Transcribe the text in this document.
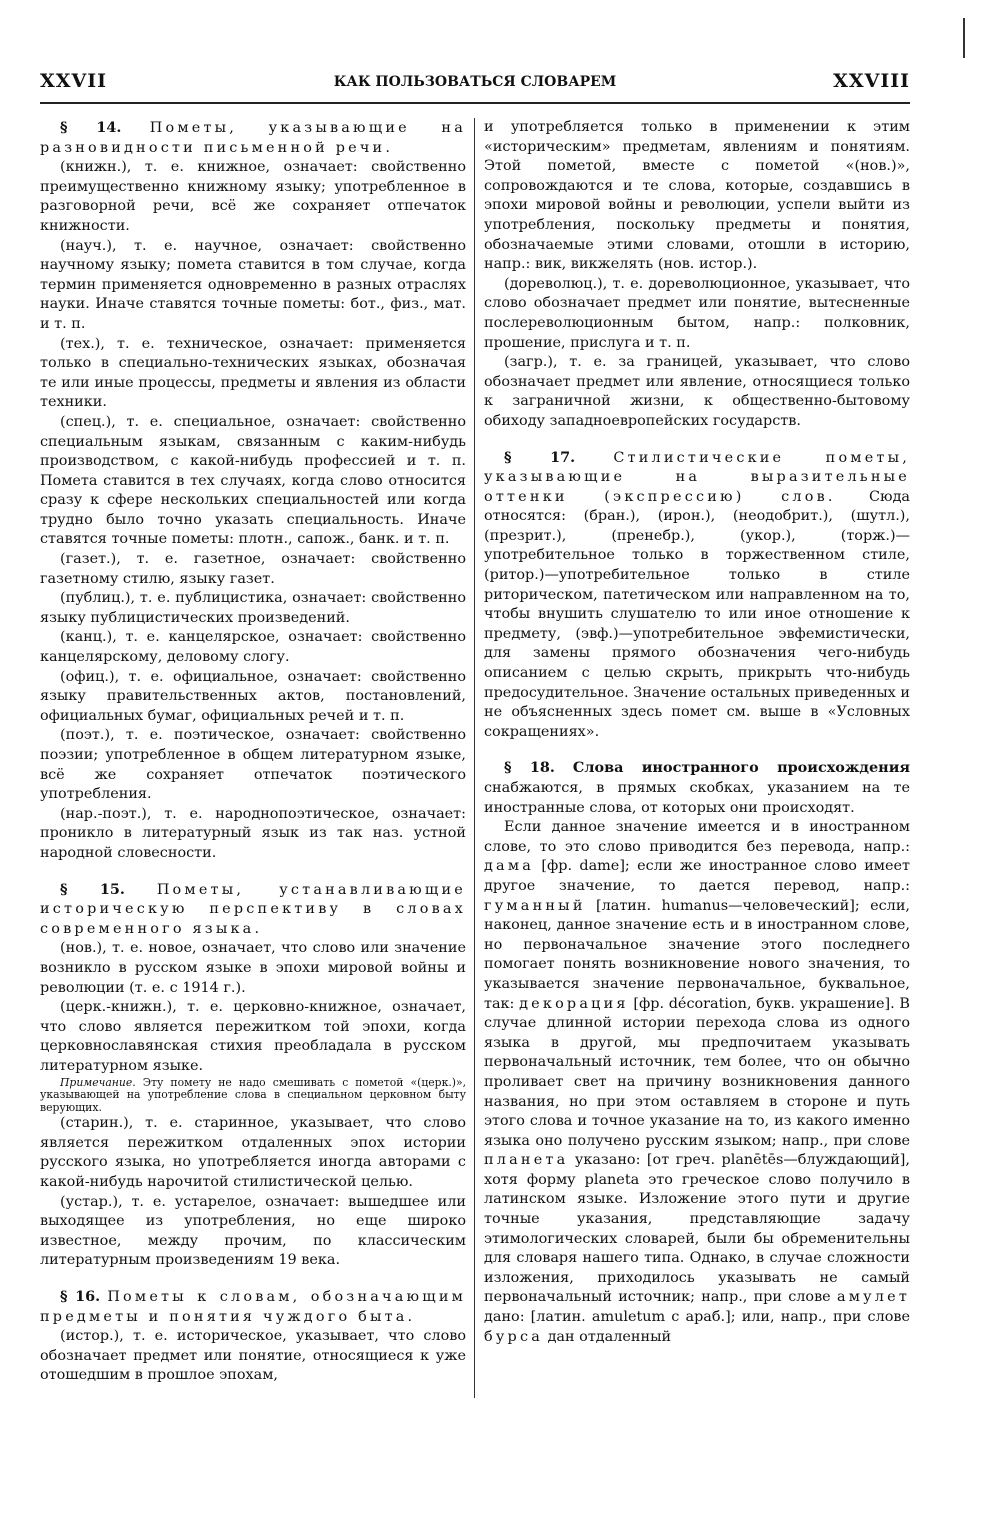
КАК ПОЛЬЗОВАТЬСЯ СЛОВАРЕМ
XXVII	XXVIII

§ 14. Пометы, указывающие на разновидности письменной речи.

(книжн.), т. е. книжное, означает: свойственно преимущественно книжному языку; употребленное в разговорной речи, всё же сохраняет отпечаток книжности.

(науч.), т. е. научное, означает: свойственно научному языку; помета ставится в том случае, когда термин применяется одновременно в разных отраслях науки. Иначе ставятся точные пометы: бот., физ., мат. и т. п.

(тех.), т. е. техническое, означает: применяется только в специально-технических языках, обозначая те или иные процессы, предметы и явления из области техники.

(спец.), т. е. специальное, означает: свойственно специальным языкам, связанным с каким-нибудь производством, с какой-нибудь профессией и т. п. Помета ставится в тех случаях, когда слово относится сразу к сфере нескольких специальностей или когда трудно было точно указать специальность. Иначе ставятся точные пометы: плотн., сапож., банк. и т. п.

(газет.), т. е. газетное, означает: свойственно газетному стилю, языку газет.

(публиц.), т. е. публицистика, означает: свойственно языку публицистических произведений.

(канц.), т. е. канцелярское, означает: свойственно канцелярскому, деловому слогу.

(офиц.), т. е. официальное, означает: свойственно языку правительственных актов, постановлений, официальных бумаг, официальных речей и т. п.

(поэт.), т. е. поэтическое, означает: свойственно поэзии; употребленное в общем литературном языке, всё же сохраняет отпечаток поэтического употребления.

(нар.-поэт.), т. е. народнопоэтическое, означает: проникло в литературный язык из так наз. устной народной словесности.

§ 15. Пометы, устанавливающие историческую перспективу в словах современного языка.

(нов.), т. е. новое, означает, что слово или значение возникло в русском языке в эпохи мировой войны и революции (т. е. с 1914 г.).

(церк.-книжн.), т. е. церковно-книжное, означает, что слово является пережитком той эпохи, когда церковнославянская стихия преобладала в русском литературном языке.

Примечание. Эту помету не надо смешивать с пометой «(церк.)», указывающей на употребление слова в специальном церковном быту верующих.

(старин.), т. е. старинное, указывает, что слово является пережитком отдаленных эпох истории русского языка, но употребляется иногда авторами с какой-нибудь нарочитой стилистической целью.

(устар.), т. е. устарелое, означает: вышедшее или выходящее из употребления, но еще широко известное, между прочим, по классическим литературным произведениям 19 века.

§ 16. Пометы к словам, обозначающим предметы и понятия чуждого быта.

(истор.), т. е. историческое, указывает, что слово обозначает предмет или понятие, относящиеся к уже отошедшим в прошлое эпохам,

и употребляется только в применении к этим «историческим» предметам, явлениям и понятиям. Этой пометой, вместе с пометой «(нов.)», сопровождаются и те слова, которые, создавшись в эпохи мировой войны и революции, успели выйти из употребления, поскольку предметы и понятия, обозначаемые этими словами, отошли в историю, напр.: вик, викжелять (нов. истор.).

(дореволюц.), т. е. дореволюционное, указывает, что слово обозначает предмет или понятие, вытесненные послереволюционным бытом, напр.: полковник, прошение, прислуга и т. п.

(загр.), т. е. за границей, указывает, что слово обозначает предмет или явление, относящиеся только к заграничной жизни, к общественно-бытовому обиходу западноевропейских государств.

§ 17.	Стилистические пометы, указывающие на выразительные оттенки (экспрессию) слов. Сюда относятся: (бран.), (ирон.), (неодобрит.), (шутл.), (презрит.), (пренебр.), (укор.), (торж.)—употребительное только в торжественном стиле, (ритор.)—употребительное только в стиле риторическом, патетическом или направленном на то, чтобы внушить слушателю то или иное отношение к предмету, (эвф.)—употребительное эвфемистически, для замены прямого обозначения чего-нибудь описанием с целью скрыть, прикрыть что-нибудь предосудительное. Значение остальных приведенных и не объясненных здесь помет см. выше в «Условных сокращениях».

§ 18. Слова иностранного происхождения снабжаются, в прямых скобках, указанием на те иностранные слова, от которых они происходят.

Если данное значение имеется и в иностранном слове, то это слово приводится без перевода, напр.: дама [фр. dame]; если же иностранное слово имеет другое значение, то дается перевод, напр.: гуманный [латин. humanus—человеческий]; если, наконец, данное значение есть и в иностранном слове, но первоначальное значение этого последнего помогает понять возникновение нового значения, то указывается значение первоначальное, буквальное, так: декорация [фр. décoration, букв. украшение]. В случае длинной истории перехода слова из одного языка в другой, мы предпочитаем указывать первоначальный источник, тем более, что он обычно проливает свет на причину возникновения данного названия, но при этом оставляем в стороне и путь этого слова и точное указание на то, из какого именно языка оно получено русским языком; напр., при слове планета указано: [от греч. planētēs—блуждающий], хотя форму planeta это греческое слово получило в латинском языке. Изложение этого пути и другие точные указания, представляющие задачу этимологических словарей, были бы обременительны для словаря нашего типа. Однако, в случае сложности изложения, приходилось указывать не самый первоначальный источник; напр., при слове амулет дано: [латин. amuletum с араб.]; или, напр., при слове бурса дан отдаленный
